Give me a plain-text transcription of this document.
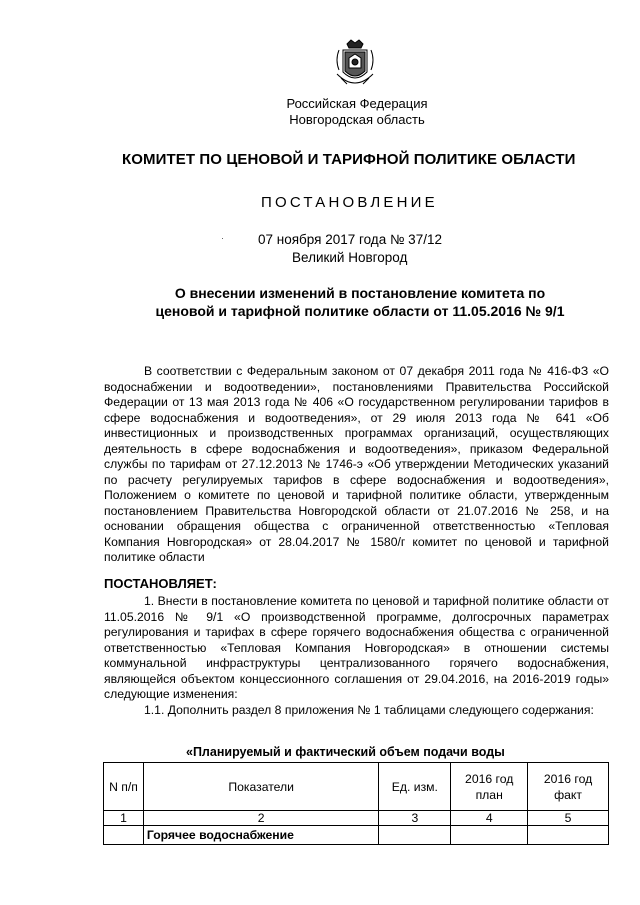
Российская Федерация
Новгородская область
КОМИТЕТ ПО ЦЕНОВОЙ И ТАРИФНОЙ ПОЛИТИКЕ ОБЛАСТИ
ПОСТАНОВЛЕНИЕ
07 ноября 2017 года № 37/12
Великий Новгород
О внесении изменений в постановление комитета по ценовой и тарифной политике области от 11.05.2016 № 9/1
В соответствии с Федеральным законом от 07 декабря 2011 года № 416-ФЗ «О водоснабжении и водоотведении», постановлениями Правительства Российской Федерации от 13 мая 2013 года № 406 «О государственном регулировании тарифов в сфере водоснабжения и водоотведения», от 29 июля 2013 года № 641 «Об инвестиционных и производственных программах организаций, осуществляющих деятельность в сфере водоснабжения и водоотведения», приказом Федеральной службы по тарифам от 27.12.2013 № 1746-э «Об утверждении Методических указаний по расчету регулируемых тарифов в сфере водоснабжения и водоотведения», Положением о комитете по ценовой и тарифной политике области, утвержденным постановлением Правительства Новгородской области от 21.07.2016 № 258, и на основании обращения общества с ограниченной ответственностью «Тепловая Компания Новгородская» от 28.04.2017 № 1580/г комитет по ценовой и тарифной политике области
ПОСТАНОВЛЯЕТ:
1. Внести в постановление комитета по ценовой и тарифной политике области от 11.05.2016 № 9/1 «О производственной программе, долгосрочных параметрах регулирования и тарифах в сфере горячего водоснабжения общества с ограниченной ответственностью «Тепловая Компания Новгородская» в отношении системы коммунальной инфраструктуры централизованного горячего водоснабжения, являющейся объектом концессионного соглашения от 29.04.2016, на 2016-2019 годы» следующие изменения:
1.1. Дополнить раздел 8 приложения № 1 таблицами следующего содержания:
«Планируемый и фактический объем подачи воды
N п/п	Показатели	Ед. изм.	2016 год план	2016 год факт
1	2	3	4	5
	Горячее водоснабжение			
